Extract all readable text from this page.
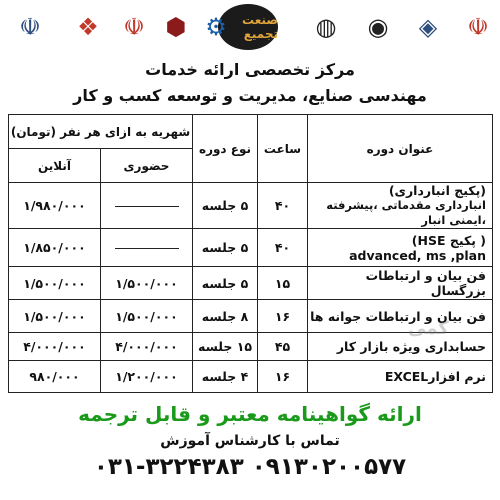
☫
◈
◉
◍
صنعت تجمیع
⚙
⬢
☫
❖
☫
مرکز تخصصی ارائه خدمات
مهندسی صنایع، مدیریت و توسعه کسب و کار
عنوان دوره	ساعت	نوع دوره	شهریه به ازای هر نفر (تومان)	
			حضوری	آنلاین

(پکیج انبارداری)
انبارداری مقدماتی ،پیشرفته ،ایمنی انبار	۴۰	۵ جلسه		۱/۹۸۰/۰۰۰

( پکیج HSE)
advanced, ms ,plan	۴۰	۵ جلسه		۱/۸۵۰/۰۰۰
فن بیان و ارتباطات بزرگسال	۱۵	۵ جلسه	۱/۵۰۰/۰۰۰	۱/۵۰۰/۰۰۰
فن بیان و ارتباطات جوانه ها	۱۶	۸ جلسه	۱/۵۰۰/۰۰۰	۱/۵۰۰/۰۰۰
حسابداری ویژه بازار کار	۴۵	۱۵ جلسه	۴/۰۰۰/۰۰۰	۴/۰۰۰/۰۰۰
نرم افزارEXCEL	۱۶	۴ جلسه	۱/۲۰۰/۰۰۰	۹۸۰/۰۰۰
کمی
ارائه گواهینامه معتبر و قابل ترجمه
تماس با کارشناس آموزش
۰۹۱۳۰۲۰۰۵۷۷ ۰۳۱-۳۲۲۴۳۸۳
